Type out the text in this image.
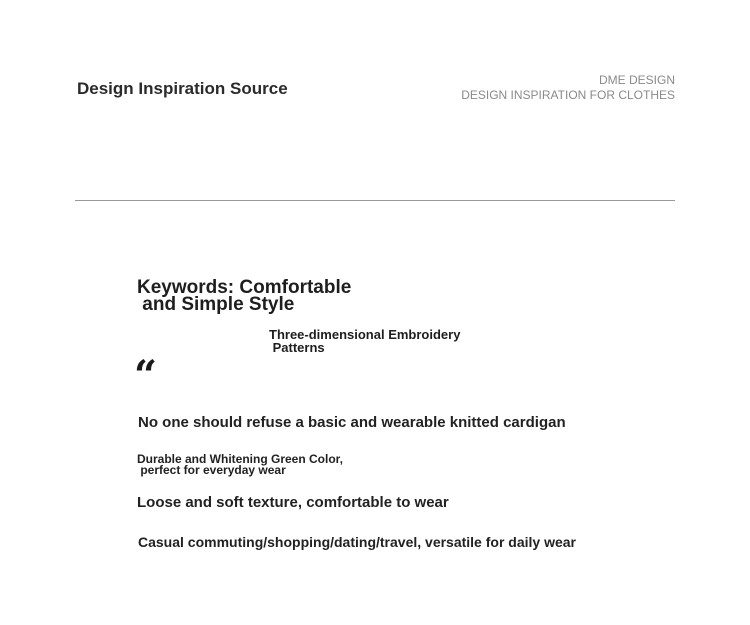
Design Inspiration Source	DME DESIGN
DESIGN INSPIRATION FOR CLOTHES
Keywords: Comfortable
and Simple Style
Three-dimensional Embroidery
Patterns
“
No one should refuse a basic and wearable knitted cardigan
Durable and Whitening Green Color,
perfect for everyday wear
Loose and soft texture, comfortable to wear
Casual commuting/shopping/dating/travel, versatile for daily wear
